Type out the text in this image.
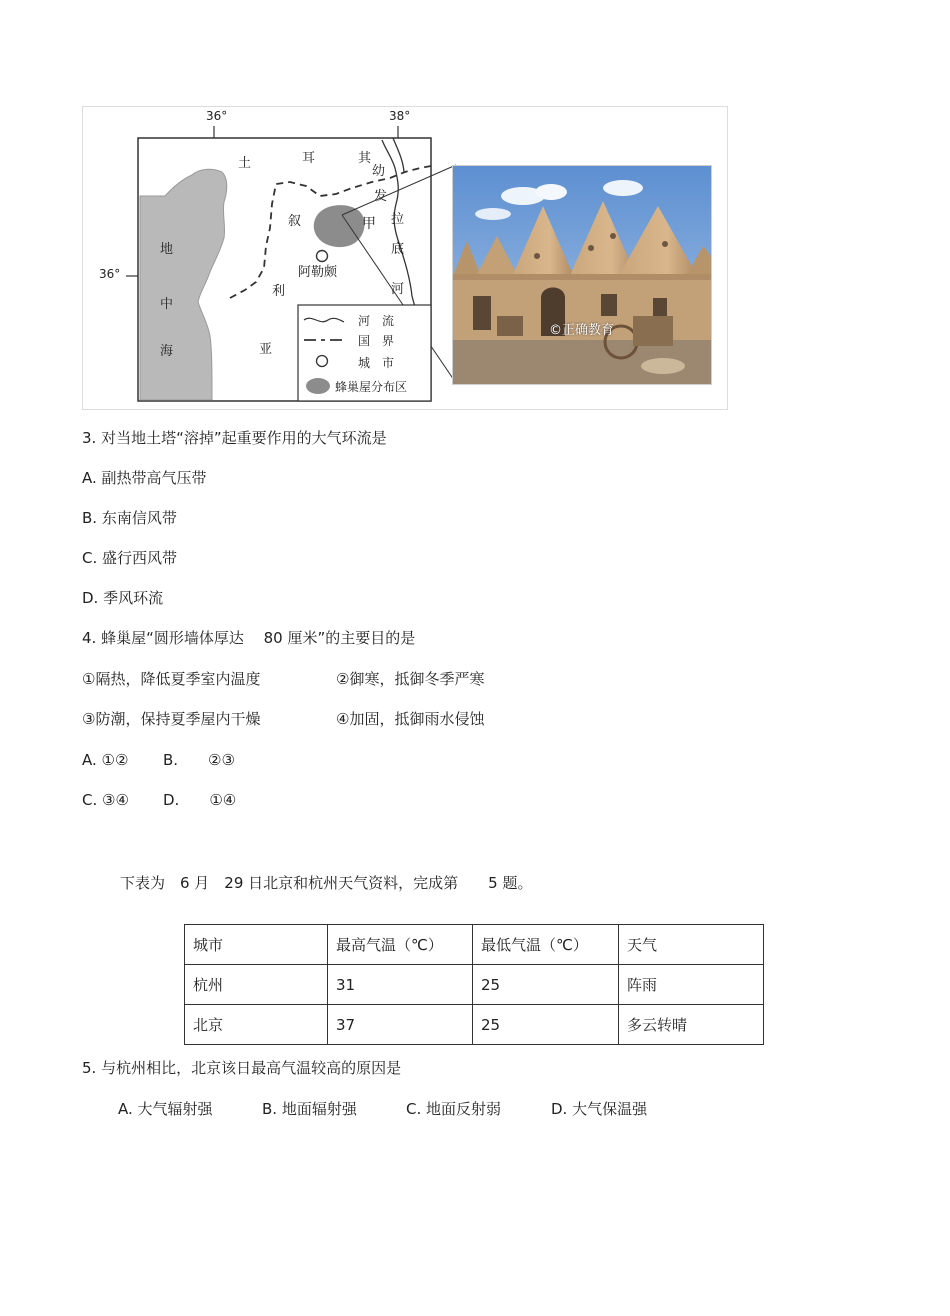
36°	38°
36°
土	耳	其
叙
利
亚
地
中
海
幼
发
拉
底
河
甲
阿勒颇
河　流
国　界
城　市
蜂巢屋分布区
©正确教育
3. 对当地土塔“溶掉”起重要作用的大气环流是
A. 副热带高气压带
B. 东南信风带
C. 盛行西风带
D. 季风环流
4. 蜂巢屋“圆形墙体厚达　 80 厘米”的主要目的是
①隔热，降低夏季室内温度	②御寒，抵御冬季严寒
③防潮，保持夏季屋内干燥	④加固，抵御雨水侵蚀
A. ①② B.　　②③
C. ③④ D.　　①④
下表为　6 月　29 日北京和杭州天气资料，完成第　　5 题。
城市	最高气温（℃）	最低气温（℃）	天气
杭州	31	25	阵雨
北京	37	25	多云转晴
5. 与杭州相比，北京该日最高气温较高的原因是
A. 大气辐射强	B. 地面辐射强	C. 地面反射弱	D. 大气保温强
